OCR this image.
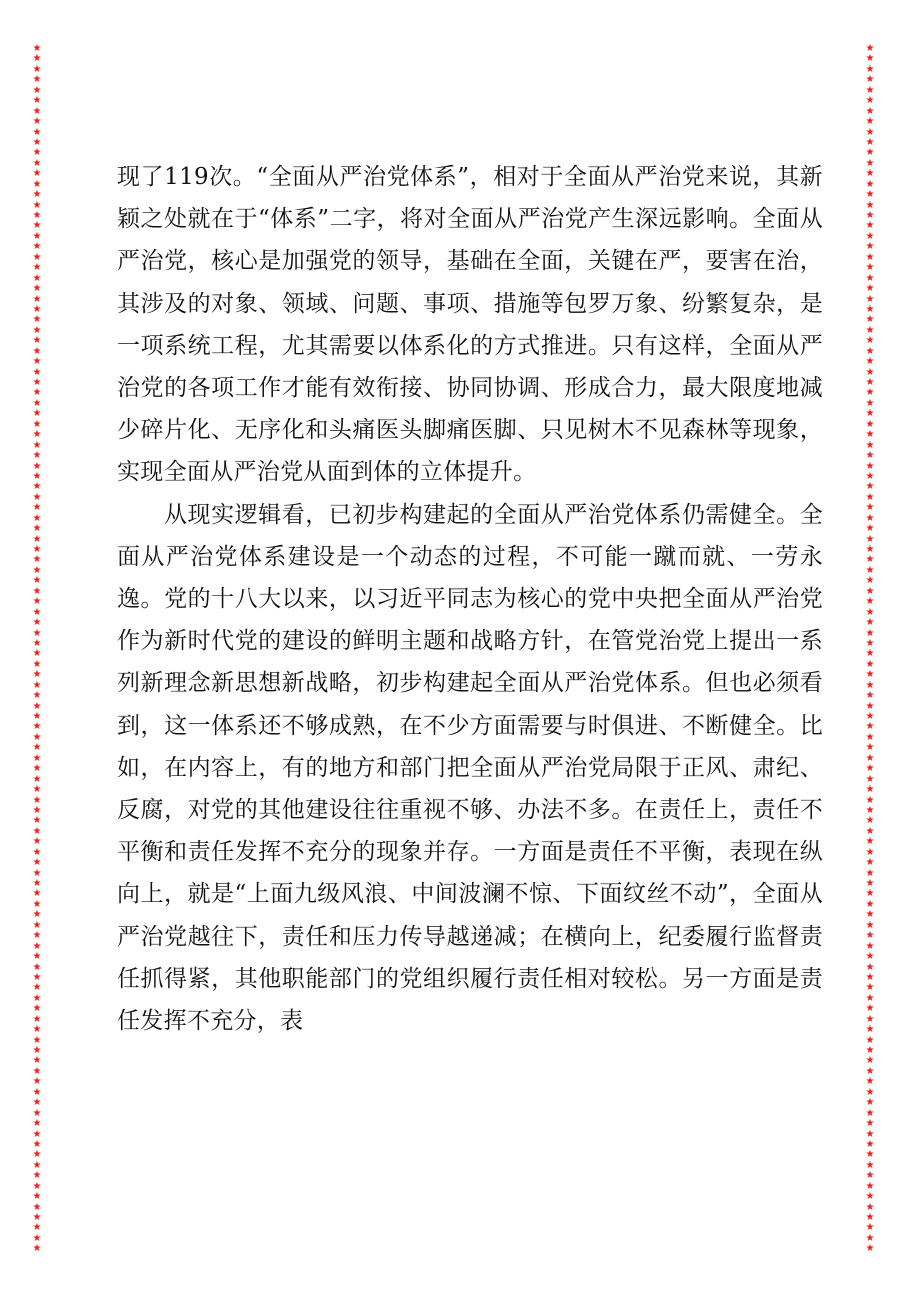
★
★
★
★
★
★
★
★
★
★
★
★
★
★
★
★
★
★
★
★
★
★
★
★
★
★
★
★
★
★
★
★
★
★
★
★
★
★
★
★
★
★
★
★
★
★
★
★
★
★
★
★
★
★
★
★
★
★
★
★
★
★
★
★
★
★
★
★
★
★
★
★
★
★
★
★
★
★
★
★
★
★
★
★
★
★
★
★
★
★
★
★
★
★
★
★
★
★
★
★
★
★
★
★
★
★
★
★
★
★
★
★
★
★
★
★
★
★
★
★
★
★
★
★
★
★
★
★
★
★
★
★
★
★
★
★
★
★
★
★
★
★
★
★
★
★
★
★
★
★
★
★
★
★
★
★
★
★
★
★
★
★
★
★
★
★
★
★
★
★
★
★
★
★
★
★
★
★
★
★
★
★
★
★
★
★
★
★
★
★
★
★
★
★
★
★
★
★
★
★
★
★
★
★
★
★
★
★
★
★
★
★
★
★
★
★
★
★
★
★
★
★
★
★
★
★
★
★
★
★
★
★

现了119次。“全面从严治党体系”，相对于全面从严治党来说，其新颖之处就在于“体系”二字，将对全面从严治党产生深远影响。全面从严治党，核心是加强党的领导，基础在全面，关键在严，要害在治，其涉及的对象、领域、问题、事项、措施等包罗万象、纷繁复杂，是一项系统工程，尤其需要以体系化的方式推进。只有这样，全面从严治党的各项工作才能有效衔接、协同协调、形成合力，最大限度地减少碎片化、无序化和头痛医头脚痛医脚、只见树木不见森林等现象，实现全面从严治党从面到体的立体提升。

从现实逻辑看，已初步构建起的全面从严治党体系仍需健全。全面从严治党体系建设是一个动态的过程，不可能一蹴而就、一劳永逸。党的十八大以来，以习近平同志为核心的党中央把全面从严治党作为新时代党的建设的鲜明主题和战略方针，在管党治党上提出一系列新理念新思想新战略，初步构建起全面从严治党体系。但也必须看到，这一体系还不够成熟，在不少方面需要与时俱进、不断健全。比如，在内容上，有的地方和部门把全面从严治党局限于正风、肃纪、反腐，对党的其他建设往往重视不够、办法不多。在责任上，责任不平衡和责任发挥不充分的现象并存。一方面是责任不平衡，表现在纵向上，就是“上面九级风浪、中间波澜不惊、下面纹丝不动”，全面从严治党越往下，责任和压力传导越递减；在横向上，纪委履行监督责任抓得紧，其他职能部门的党组织履行责任相对较松。另一方面是责任发挥不充分，表
